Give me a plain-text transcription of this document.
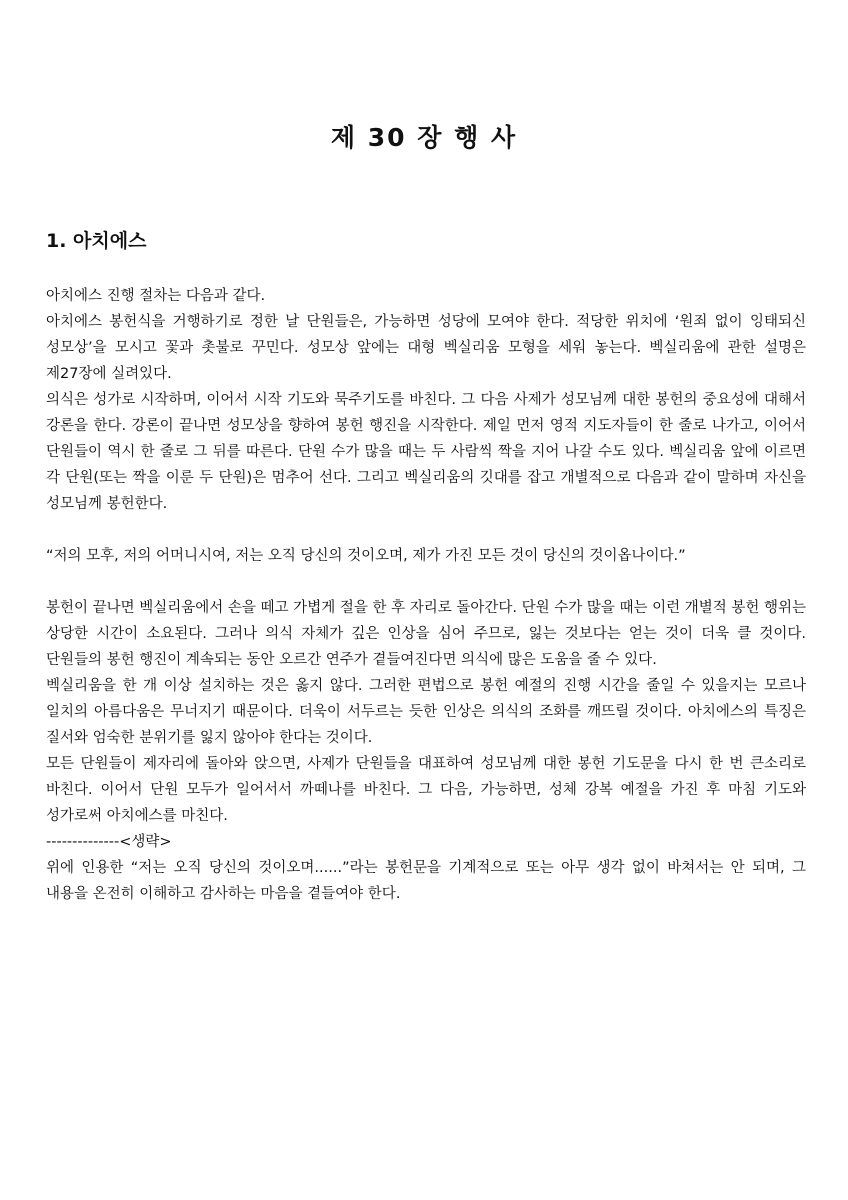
제 30 장 행 사
1. 아치에스

아치에스 진행 절차는 다음과 같다.

아치에스 봉헌식을 거행하기로 정한 날 단원들은, 가능하면 성당에 모여야 한다. 적당한 위치에 ‘원죄 없이 잉태되신 성모상’을 모시고 꽃과 촛불로 꾸민다. 성모상 앞에는 대형 벡실리움 모형을 세워 놓는다. 벡실리움에 관한 설명은 제27장에 실려있다.

의식은 성가로 시작하며, 이어서 시작 기도와 묵주기도를 바친다. 그 다음 사제가 성모님께 대한 봉헌의 중요성에 대해서 강론을 한다. 강론이 끝나면 성모상을 향하여 봉헌 행진을 시작한다. 제일 먼저 영적 지도자들이 한 줄로 나가고, 이어서 단원들이 역시 한 줄로 그 뒤를 따른다. 단원 수가 많을 때는 두 사람씩 짝을 지어 나갈 수도 있다. 벡실리움 앞에 이르면 각 단원(또는 짝을 이룬 두 단원)은 멈추어 선다. 그리고 벡실리움의 깃대를 잡고 개별적으로 다음과 같이 말하며 자신을 성모님께 봉헌한다.

“저의 모후, 저의 어머니시여, 저는 오직 당신의 것이오며, 제가 가진 모든 것이 당신의 것이옵나이다.”

봉헌이 끝나면 벡실리움에서 손을 떼고 가볍게 절을 한 후 자리로 돌아간다. 단원 수가 많을 때는 이런 개별적 봉헌 행위는 상당한 시간이 소요된다. 그러나 의식 자체가 깊은 인상을 심어 주므로, 잃는 것보다는 얻는 것이 더욱 클 것이다. 단원들의 봉헌 행진이 계속되는 동안 오르간 연주가 곁들여진다면 의식에 많은 도움을 줄 수 있다.

벡실리움을 한 개 이상 설치하는 것은 옳지 않다. 그러한 편법으로 봉헌 예절의 진행 시간을 줄일 수 있을지는 모르나 일치의 아름다움은 무너지기 때문이다. 더욱이 서두르는 듯한 인상은 의식의 조화를 깨뜨릴 것이다. 아치에스의 특징은 질서와 엄숙한 분위기를 잃지 않아야 한다는 것이다.

모든 단원들이 제자리에 돌아와 앉으면, 사제가 단원들을 대표하여 성모님께 대한 봉헌 기도문을 다시 한 번 큰소리로 바친다. 이어서 단원 모두가 일어서서 까떼나를 바친다. 그 다음, 가능하면, 성체 강복 예절을 가진 후 마침 기도와 성가로써 아치에스를 마친다.

--------------<생략>

위에 인용한 “저는 오직 당신의 것이오며......”라는 봉헌문을 기계적으로 또는 아무 생각 없이 바쳐서는 안 되며, 그 내용을 온전히 이해하고 감사하는 마음을 곁들여야 한다.
